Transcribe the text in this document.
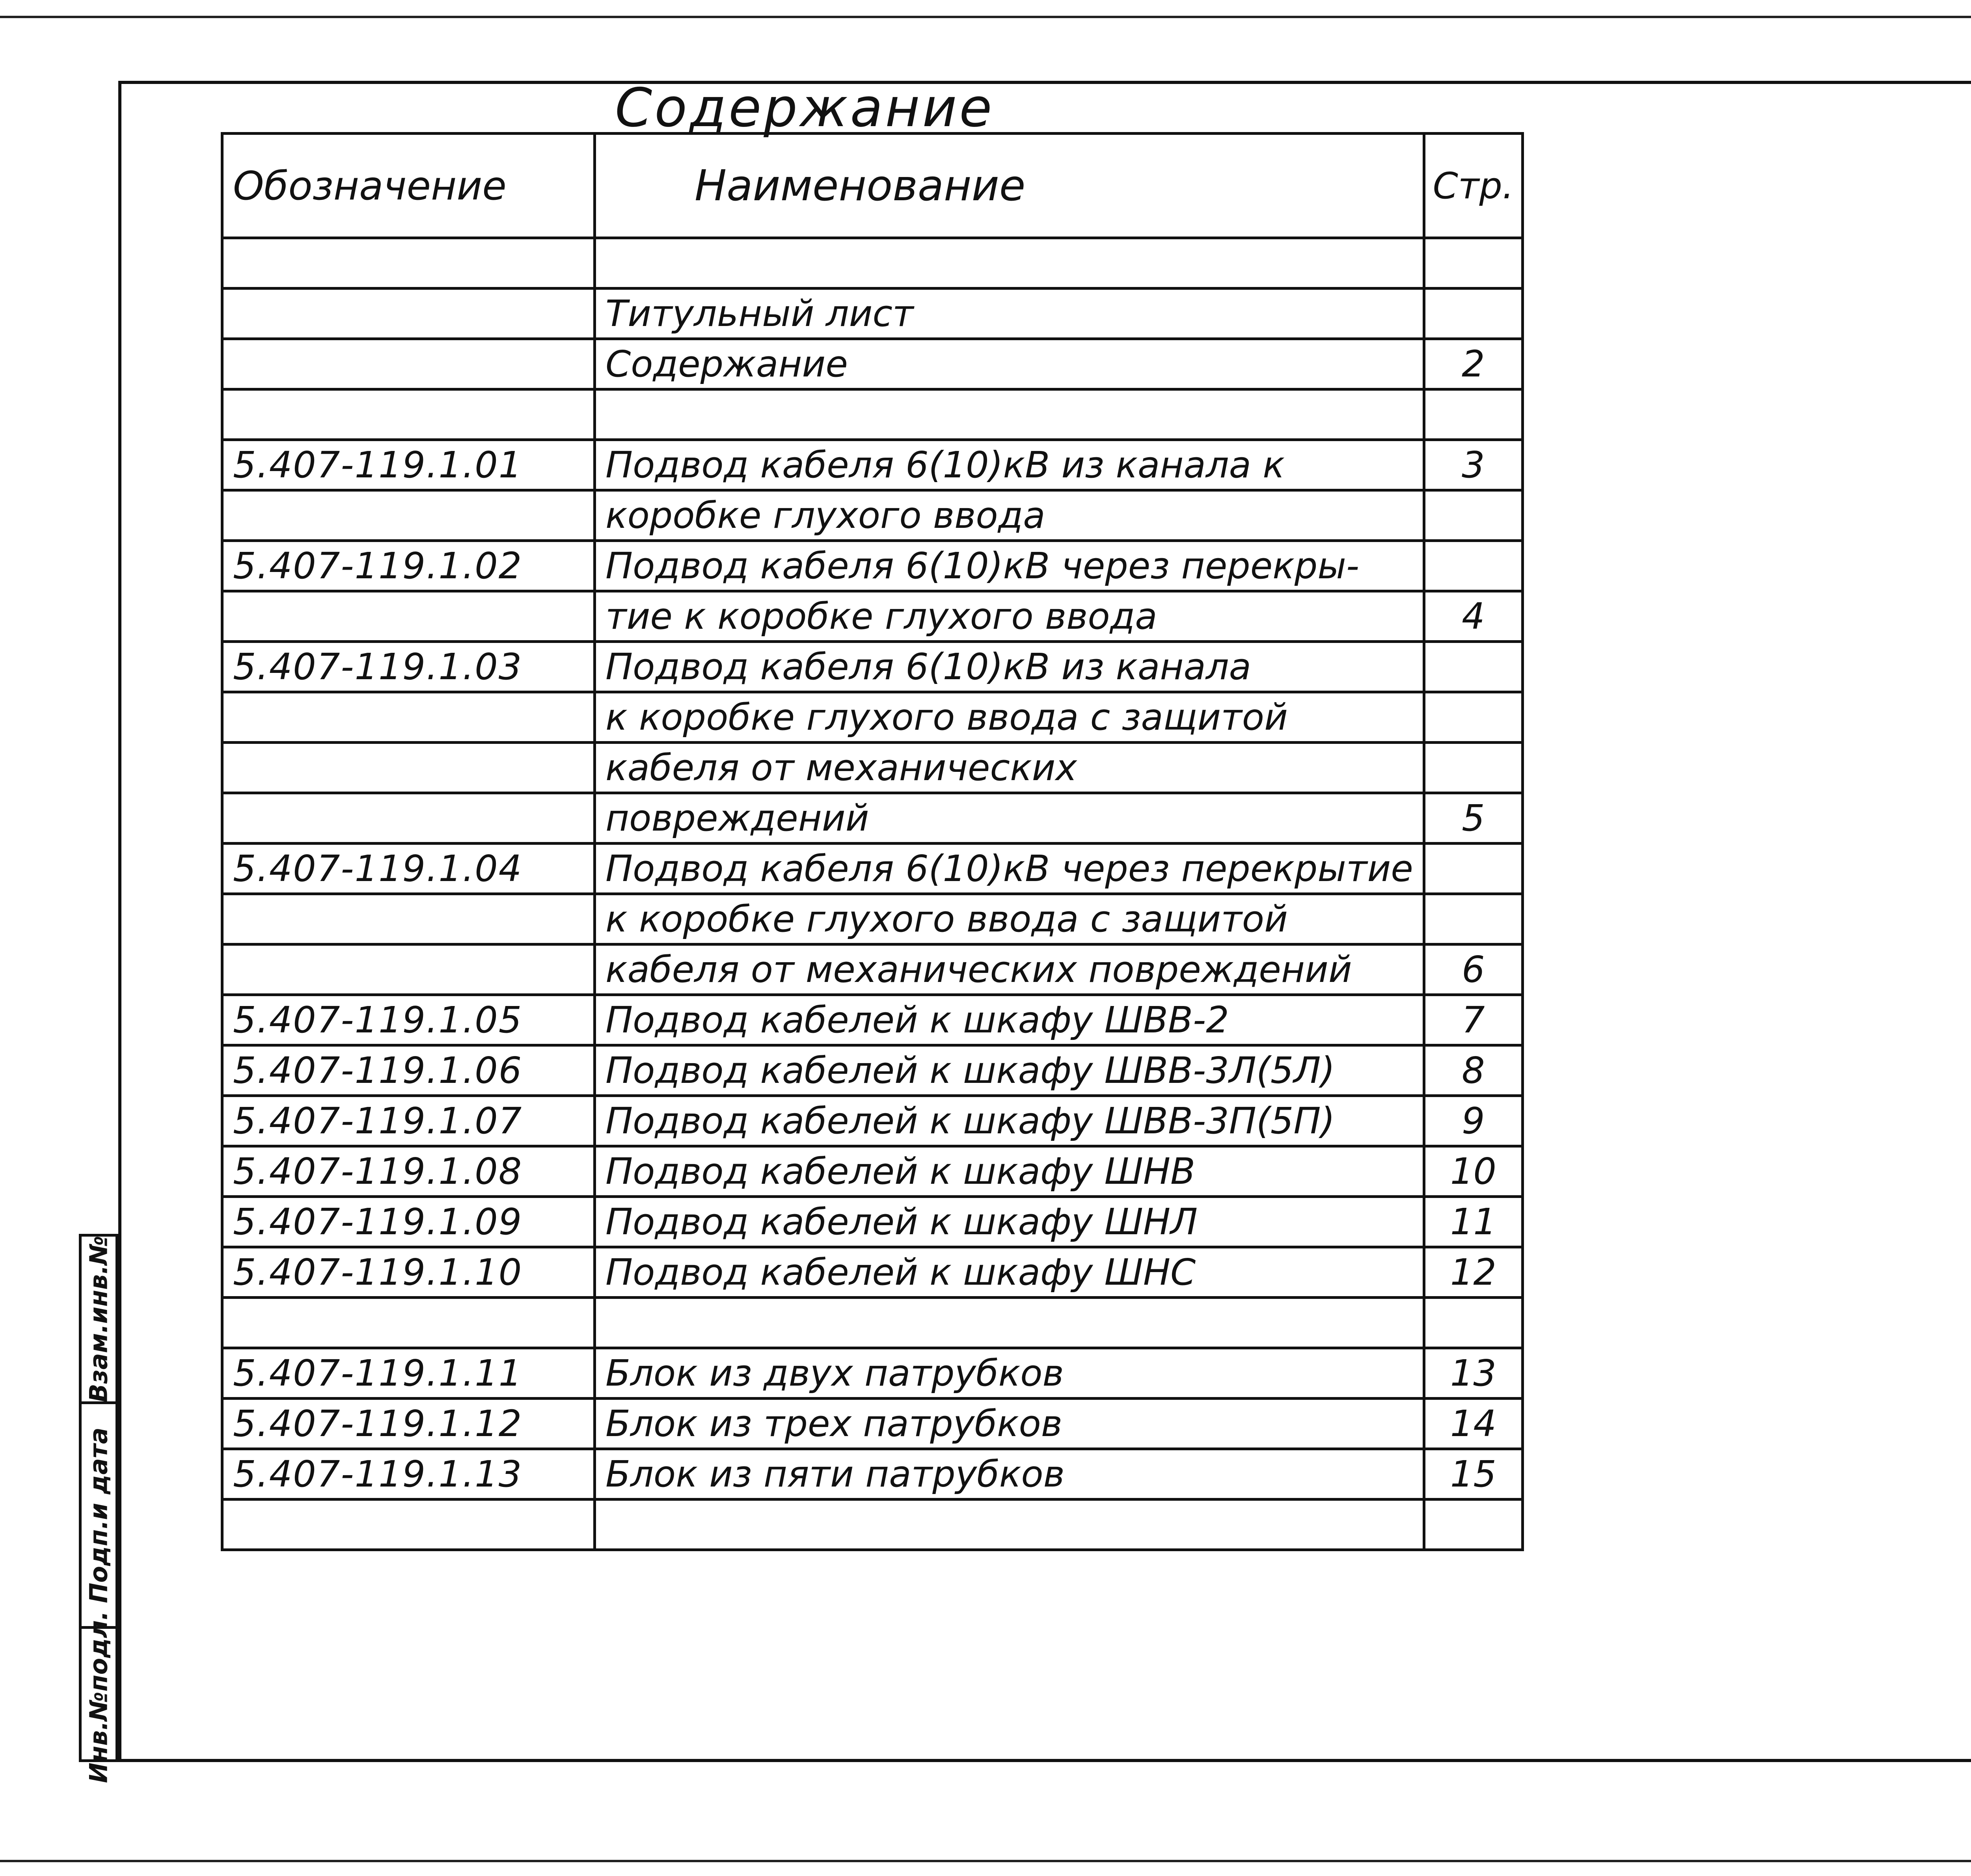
Взам.инв.№
Подп.и дата
Инв.№подл.
Содержание
Обозначение	Наименование	Стр.

	Титульный лист	
	Содержание	2

5.407-119.1.01	Подвод кабеля 6(10)кВ из канала к	3
	коробке глухого ввода	
5.407-119.1.02	Подвод кабеля 6(10)кВ через перекры-	
	тие к коробке глухого ввода	4
5.407-119.1.03	Подвод кабеля 6(10)кВ из канала	
	к коробке глухого ввода с защитой	
	кабеля от механических	
	повреждений	5
5.407-119.1.04	Подвод кабеля 6(10)кВ через перекрытие	
	к коробке глухого ввода с защитой	
	кабеля от механических повреждений	6
5.407-119.1.05	Подвод кабелей к шкафу ШВВ-2	7
5.407-119.1.06	Подвод кабелей к шкафу ШВВ-3Л(5Л)	8
5.407-119.1.07	Подвод кабелей к шкафу ШВВ-3П(5П)	9
5.407-119.1.08	Подвод кабелей к шкафу ШНВ	10
5.407-119.1.09	Подвод кабелей к шкафу ШНЛ	11
5.407-119.1.10	Подвод кабелей к шкафу ШНС	12

5.407-119.1.11	Блок из двух патрубков	13
5.407-119.1.12	Блок из трех патрубков	14
5.407-119.1.13	Блок из пяти патрубков	15
